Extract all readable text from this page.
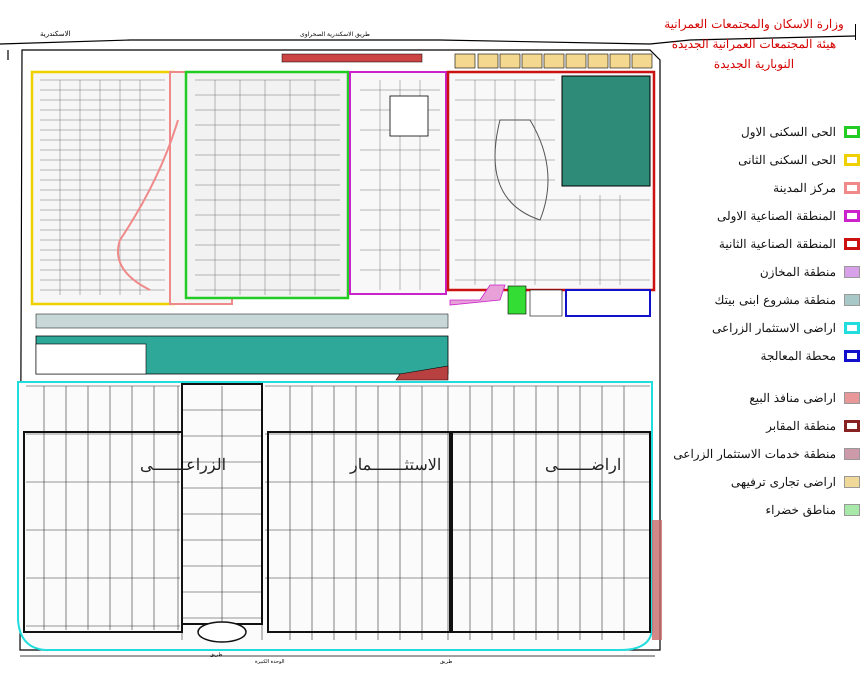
الاسكندرية	طريق الاسكندرية الصحراوى
اراضـــــــى
الاستثـــــــمار
الزراعـــــــى
طريق
الوحدة الكبيرة	طريق
وزارة الاسكان والمجتمعات العمرانية
هيئة المجتمعات العمرانية الجديدة
النوبارية الجديدة
الحى السكنى الاول
الحى السكنى الثانى
مركز المدينة
المنطقة الصناعية الاولى
المنطقة الصناعية الثانية
منطقة المخازن
منطقة مشروع ابنى بيتك
اراضى الاستثمار الزراعى
محطة المعالجة
اراضى منافذ البيع
منطقة المقابر
منطقة خدمات الاستثمار الزراعى
اراضى تجارى ترفيهى
مناطق خضراء
